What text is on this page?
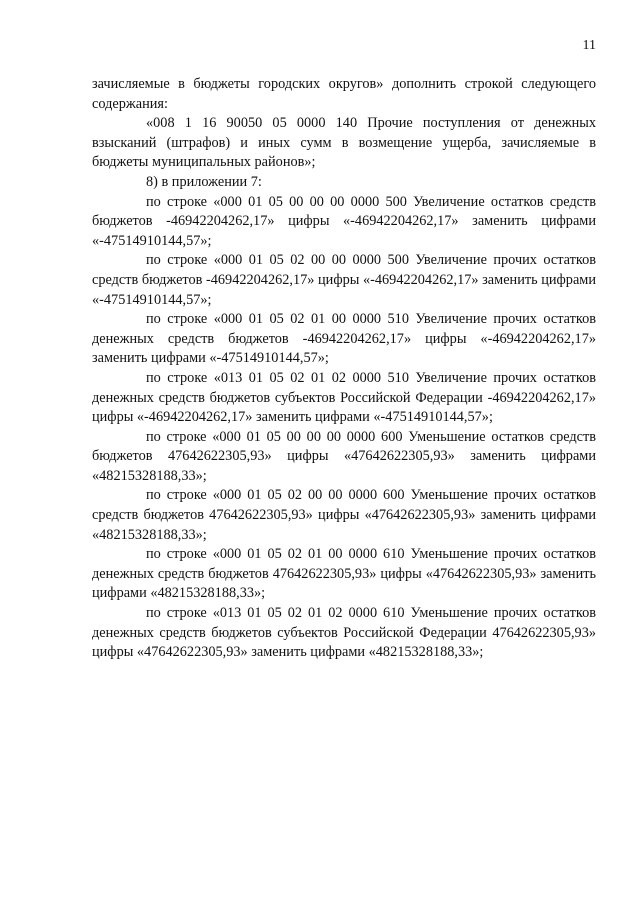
11

зачисляемые в бюджеты городских округов» дополнить строкой следующего содержания:

«008 1 16 90050 05 0000 140 Прочие поступления от денежных взысканий (штрафов) и иных сумм в возмещение ущерба, зачисляемые в бюджеты муниципальных районов»;

8) в приложении 7:

по строке «000 01 05 00 00 00 0000 500 Увеличение остатков средств бюджетов -46942204262,17» цифры «-46942204262,17» заменить цифрами «-47514910144,57»;

по строке «000 01 05 02 00 00 0000 500 Увеличение прочих остатков средств бюджетов -46942204262,17» цифры «-46942204262,17» заменить цифрами «-47514910144,57»;

по строке «000 01 05 02 01 00 0000 510 Увеличение прочих остатков денежных средств бюджетов -46942204262,17» цифры «-46942204262,17» заменить цифрами «-47514910144,57»;

по строке «013 01 05 02 01 02 0000 510 Увеличение прочих остатков денежных средств бюджетов субъектов Российской Федерации -46942204262,17» цифры «-46942204262,17» заменить цифрами «-47514910144,57»;

по строке «000 01 05 00 00 00 0000 600 Уменьшение остатков средств бюджетов 47642622305,93» цифры «47642622305,93» заменить цифрами «48215328188,33»;

по строке «000 01 05 02 00 00 0000 600 Уменьшение прочих остатков средств бюджетов 47642622305,93» цифры «47642622305,93» заменить цифрами «48215328188,33»;

по строке «000 01 05 02 01 00 0000 610 Уменьшение прочих остатков денежных средств бюджетов 47642622305,93» цифры «47642622305,93» заменить цифрами «48215328188,33»;

по строке «013 01 05 02 01 02 0000 610 Уменьшение прочих остатков денежных средств бюджетов субъектов Российской Федерации 47642622305,93» цифры «47642622305,93» заменить цифрами «48215328188,33»;
